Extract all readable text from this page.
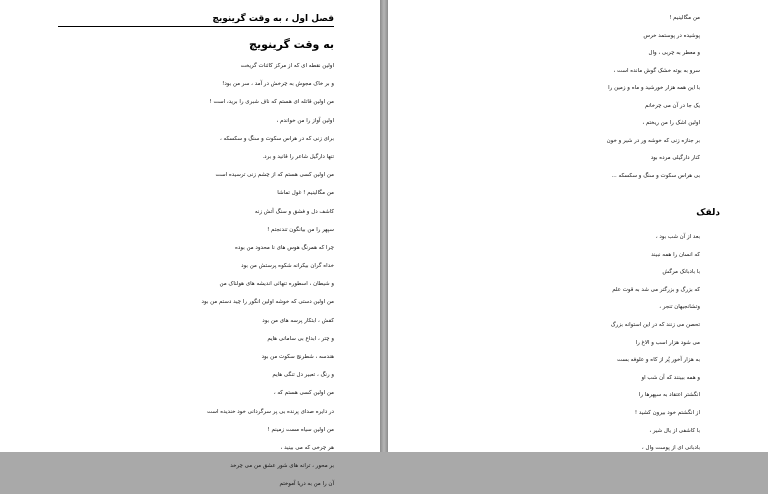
فصل اول ، به وقت گرینویچ
به وقت گرینویچ
اولین نقطه ای که از مرکز کائنات گریخت
و بر خاک مجوش به چرخش در آمد ، سر من بود!
من اولین قاتله ای هستم که ناف شبری را برید، است !
اولین آواز را من خواندم ،
برای زنی که در هراس سکوت و سنگ و سکسکه ،
تنها دارگیل شاعر را قانید و برد.
من اولین کسی هستم که از چشم زنی ترسیده است
من مگالینیم ! غول تماشا
کاشف دل و فشق و سنگ آتش زنه
سپهر را من بیانگون تندنجتم !
چرا که همرنگ هوس های نا محدود من بوده
خداه گران بیکرانه شکوه پرستش من بود
و شیطان ، اسطوره تنهائی اندیشه های هولناک من
من اولین دستی که خوشه اولین انگور را چید دستم من بود
کفش ، ابتکار پرسه های من بود
و چتر ، ابداع بی سامانی هایم
هندسه ، شطرنج سکوت من بود
و رنگ ، تعبیر دل تنگی هایم
من اولین کسی هستم که ،
در دایره صدای پرنده بی پر سرگردانی خود خندیده است
من اولین سیاه مست زمینم !
هر چرخی که می بینید ،
بر محور ، ترانه های شور عشق من می چرخد
آن را من به دریا آموختم
من مگالینیم !
پوشیده در پوستمد خرس
و معطر به چربی ، وال
سرو به بوته خشک گوش مانده است ،
با این همه هزار خورشید و ماه و زمین را
یک جا در آن می چرخانم
اولین اشک را من ریختم ،
بر جنازه زنی که خوشه ور در شیر و خون
کنار دارگیلی مرده بود
بی هراس سکوت و سنگ و سکسکه ...
دلقک
بعد از آن شب بود ،
که انسان را همه نبیند
با بادبانک مرگش
که بزرگ و بزرگتر می شد به قوت علم
وتشانجیهان تنجر ،
تحصن می زنند که در این استوانه بزرگ
می شود هزار اسب و الاغ را
به هزار آخور پُر از کاه و علوفه بست
و همه ببینند که آن شب او
انگشتر اعتقاد به سپهرها را
از انگشتم خود بیرون کشید !
با کاشفی از یال شیر ،
بادبانی ای از پوست وال ،
